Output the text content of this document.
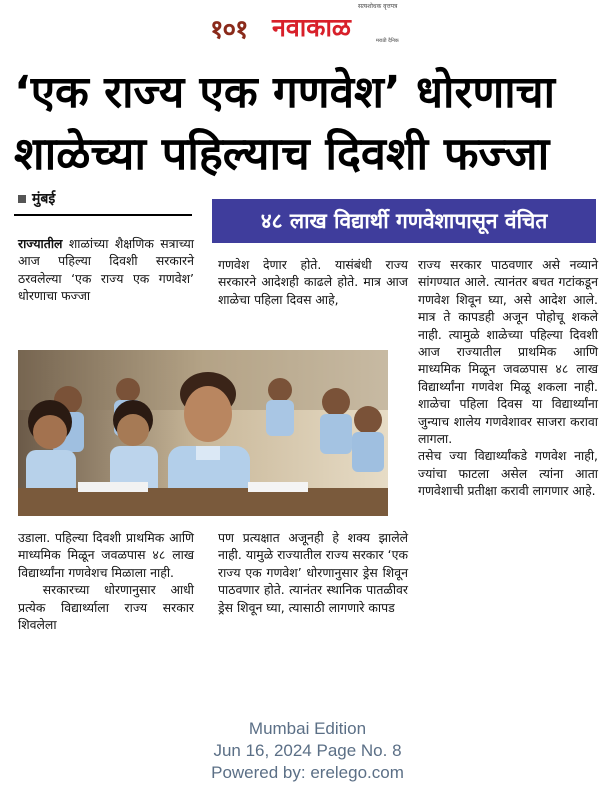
१०१ नवाकाळ
सत्यशोधक वृत्तपत्र
मराठी दैनिक
‘एक राज्य एक गणवेश’ धोरणाचा
शाळेच्या पहिल्याच दिवशी फज्जा
मुंबई
४८ लाख विद्यार्थी गणवेशापासून वंचित

राज्यातील शाळांच्या शैक्षणिक सत्राच्या आज पहिल्या दिवशी सरकारने ठरवलेल्या ‘एक राज्य एक गणवेश’ धोरणाचा फज्जा

उडाला. पहिल्या दिवशी प्राथमिक आणि माध्यमिक मिळून जवळपास ४८ लाख विद्यार्थ्यांना गणवेशच मिळाला नाही.

सरकारच्या धोरणानुसार आधी प्रत्येक विद्यार्थ्याला राज्य सरकार शिवलेला

गणवेश देणार होते. यासंबंधी राज्य सरकारने आदेशही काढले होते. मात्र आज शाळेचा पहिला दिवस आहे,

पण प्रत्यक्षात अजूनही हे शक्य झालेले नाही. यामुळे राज्यातील राज्य सरकार ‘एक राज्य एक गणवेश’ धोरणानुसार ड्रेस शिवून पाठवणार होते. त्यानंतर स्थानिक पातळीवर ड्रेस शिवून घ्या, त्यासाठी लागणारे कापड

राज्य सरकार पाठवणार असे नव्याने सांगण्यात आले. त्यानंतर बचत गटांकडून गणवेश शिवून घ्या, असे आदेश आले. मात्र ते कापडही अजून पोहोचू शकले नाही. त्यामुळे शाळेच्या पहिल्या दिवशी आज राज्यातील प्राथमिक आणि माध्यमिक मिळून जवळपास ४८ लाख विद्यार्थ्यांना गणवेश मिळू शकला नाही. शाळेचा पहिला दिवस या विद्यार्थ्यांना जुन्याच शालेय गणवेशावर साजरा करावा लागला.

तसेच ज्या विद्यार्थ्यांकडे गणवेश नाही, ज्यांचा फाटला असेल त्यांना आता गणवेशाची प्रतीक्षा करावी लागणार आहे.

Mumbai Edition
Jun 16, 2024 Page No. 8
Powered by: erelego.com
